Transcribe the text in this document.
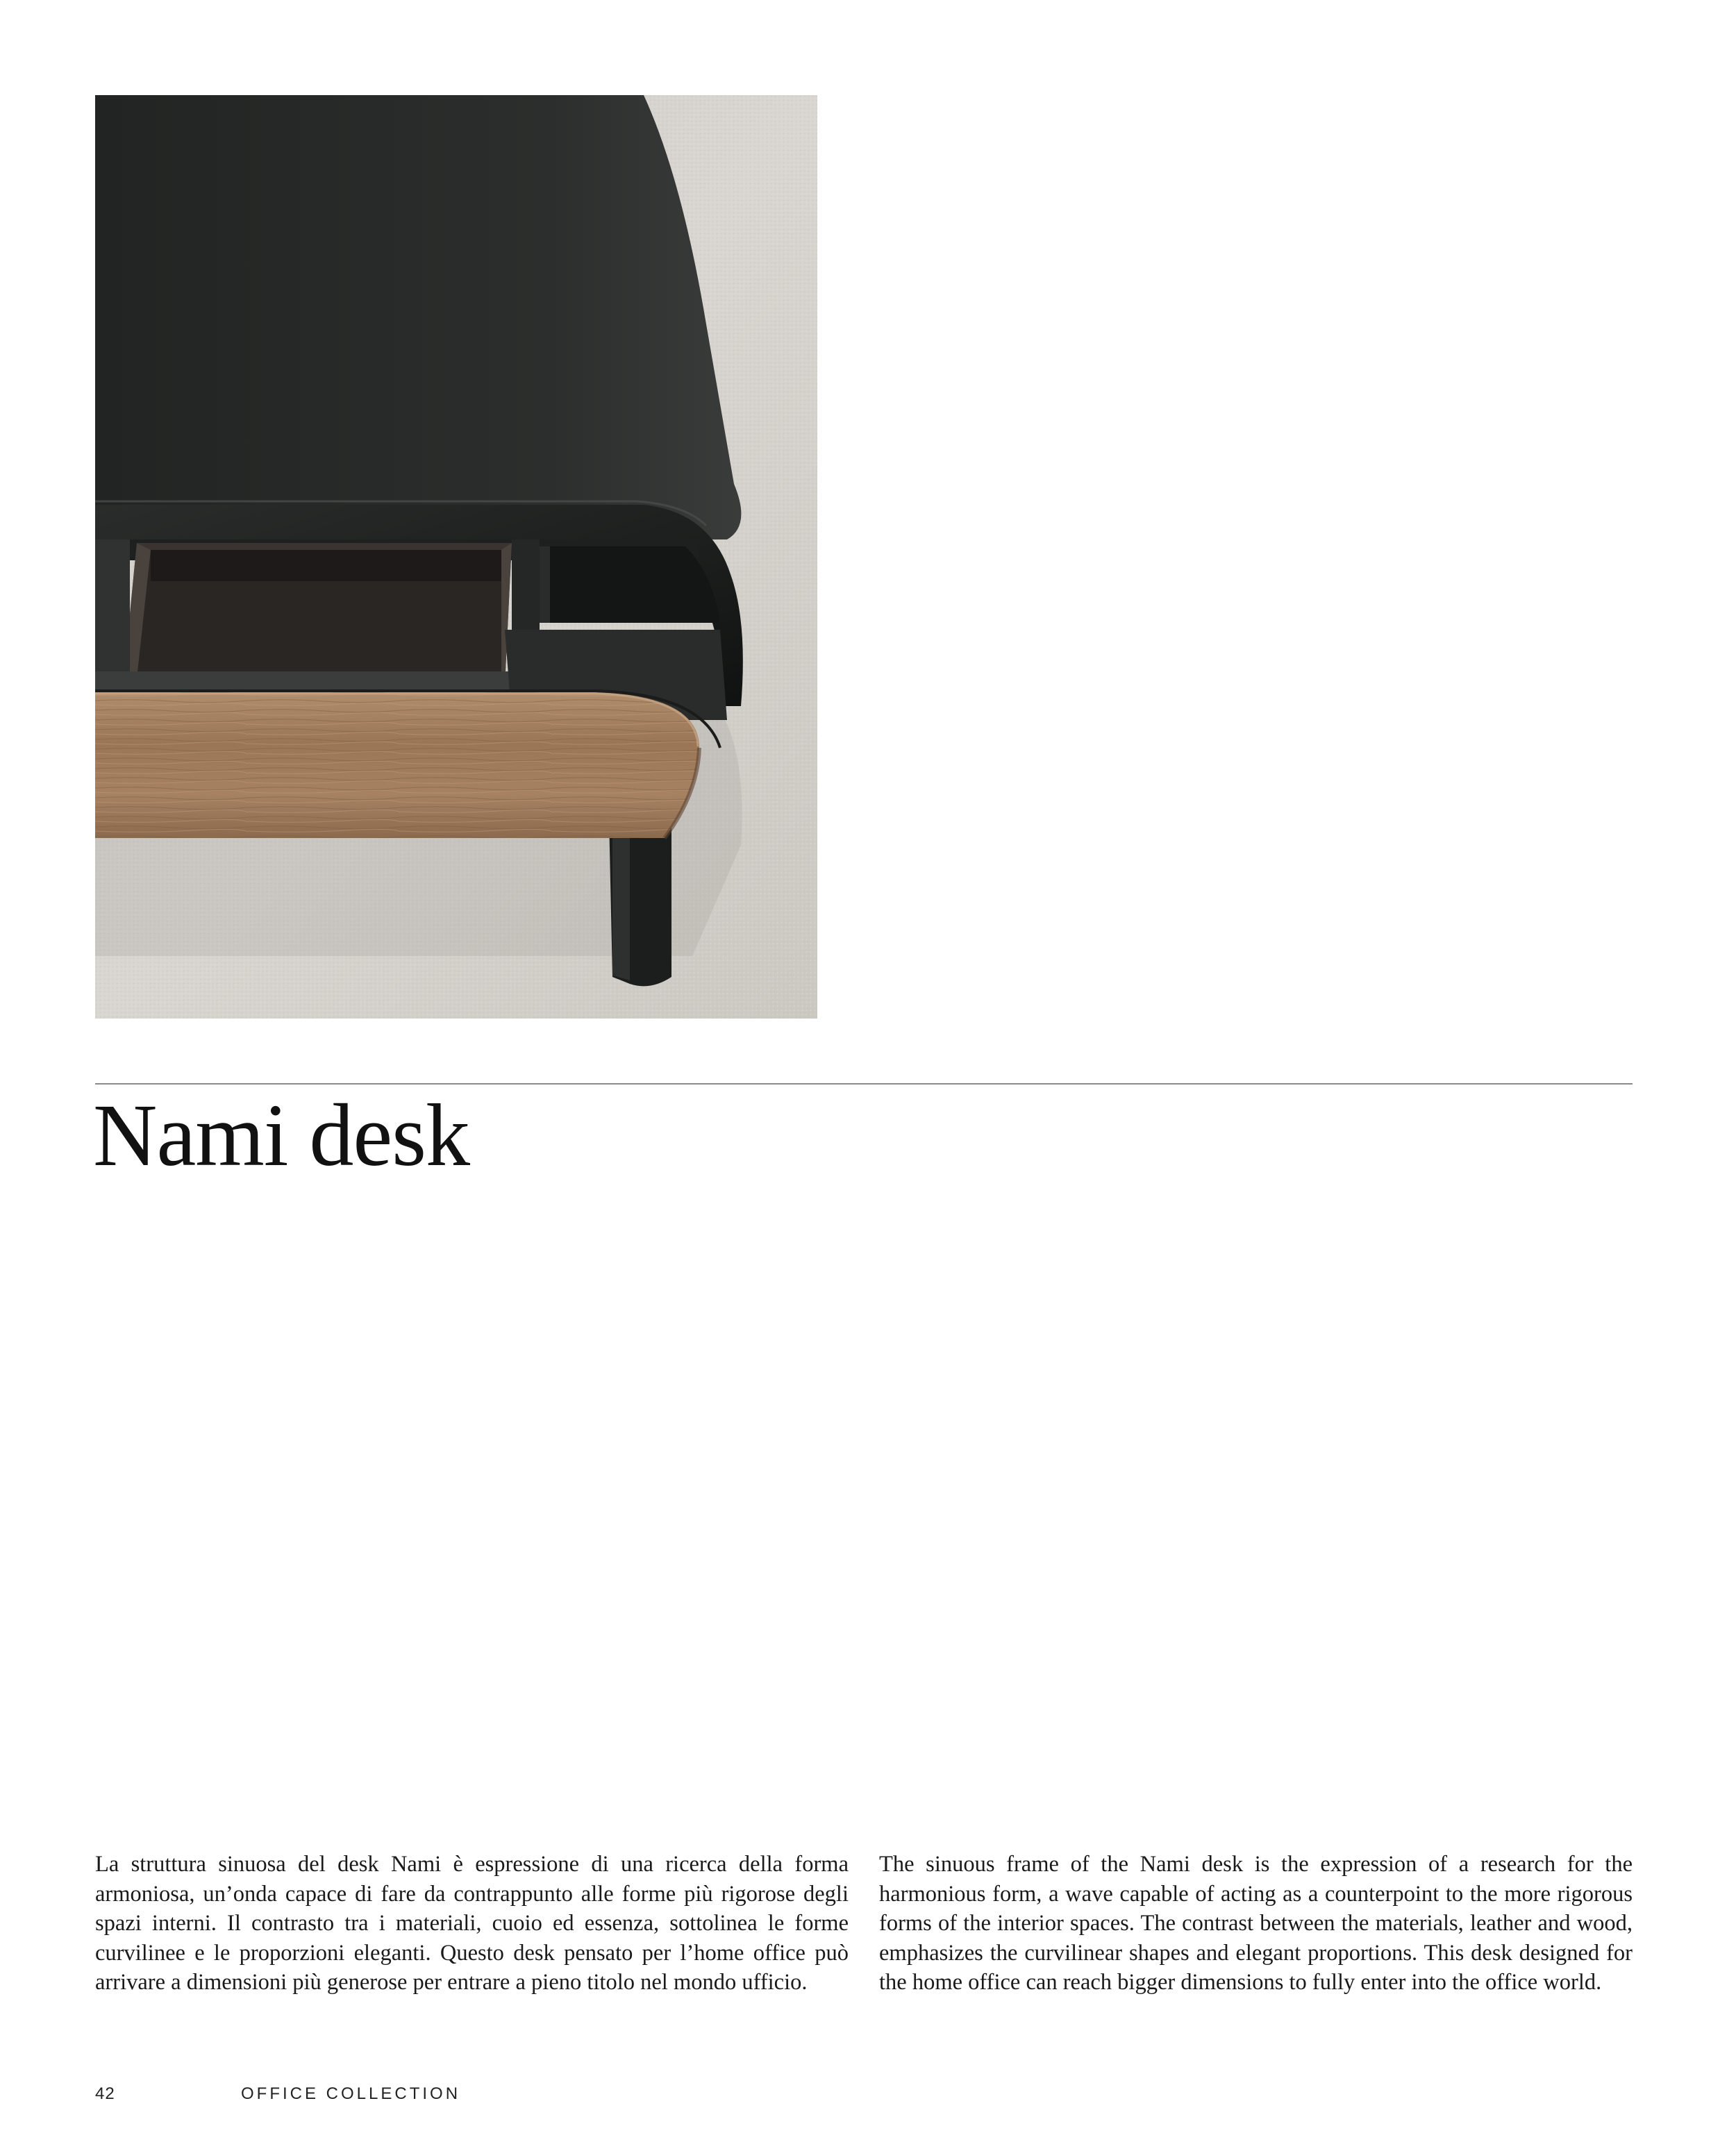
Nami desk

La struttura sinuosa del desk Nami è espressione di una ricerca della forma armoniosa, un’onda capace di fare da contrappunto alle forme più rigorose degli spazi interni. Il contrasto tra i materiali, cuoio ed essenza, sottolinea le forme curvilinee e le proporzioni eleganti. Questo desk pensato per l’home office può arrivare a dimensioni più generose per entrare a pieno titolo nel mondo ufficio.

The sinuous frame of the Nami desk is the expression of a research for the harmonious form, a wave capable of acting as a counterpoint to the more rigorous forms of the interior spaces. The contrast between the materials, leather and wood, emphasizes the curvilinear shapes and elegant proportions. This desk designed for the home office can reach bigger dimensions to fully enter into the office world.

42	OFFICE COLLECTION
